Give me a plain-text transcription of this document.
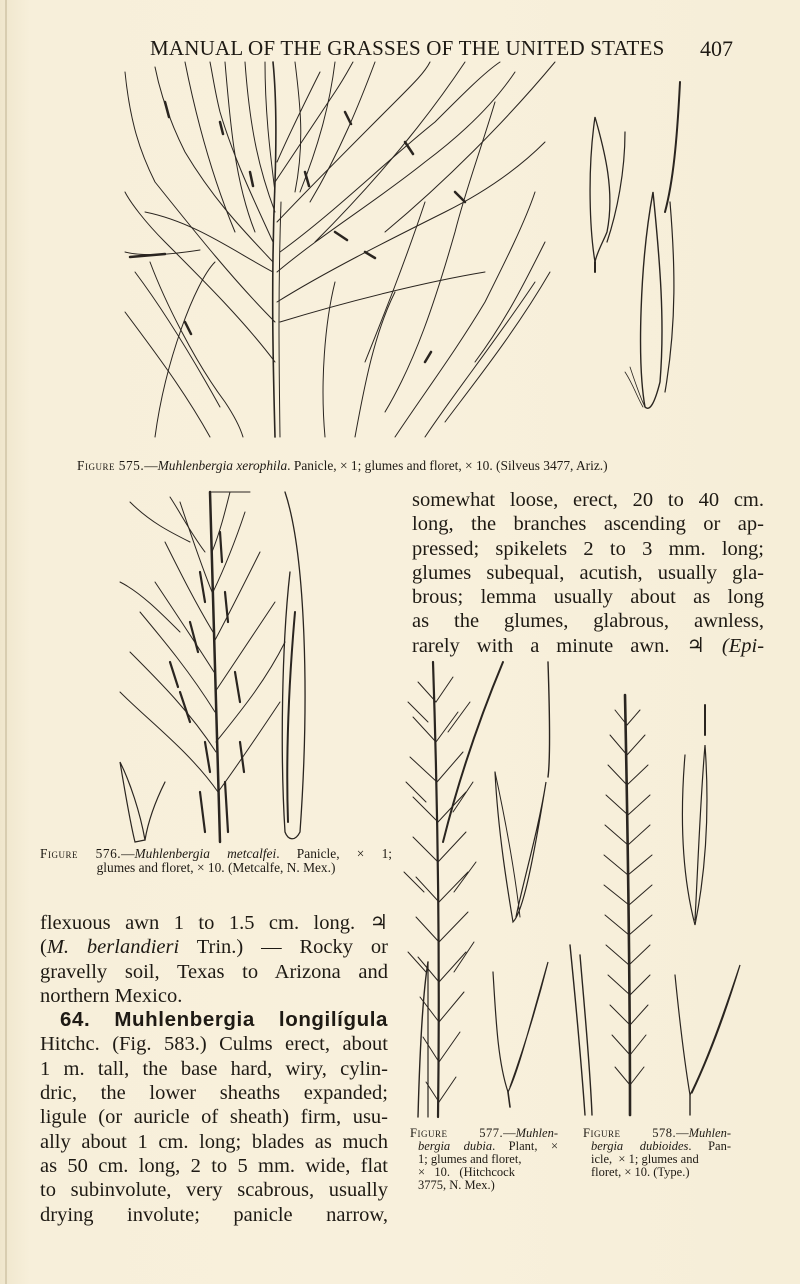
MANUAL OF THE GRASSES OF THE UNITED STATES 407
Figure 575.—Muhlenbergia xerophila. Panicle, × 1; glumes and floret, × 10. (Silveus 3477, Ariz.)
Figure 576.—Muhlenbergia metcalfei. Panicle, × 1;
glumes and floret, × 10. (Metcalfe, N. Mex.)
somewhat loose, erect, 20 to 40 cm.
long, the branches ascending or ap-
pressed; spikelets 2 to 3 mm. long;
glumes subequal, acutish, usually gla-
brous; lemma usually about as long
as the glumes, glabrous, awnless,
rarely with a minute awn. ♃ (Epi-
flexuous awn 1 to 1.5 cm. long. ♃
(M. berlandieri Trin.) — Rocky or
gravelly soil, Texas to Arizona and
northern Mexico.
64. Muhlenbergia longilígula
Hitchc. (Fig. 583.) Culms erect, about
1 m. tall, the base hard, wiry, cylin-
dric, the lower sheaths expanded;
ligule (or auricle of sheath) firm, usu-
ally about 1 cm. long; blades as much
as 50 cm. long, 2 to 5 mm. wide, flat
to subinvolute, very scabrous, usually
drying involute; panicle narrow,
Figure 577.—Muhlen-
bergia dubia. Plant, ×
1; glumes and floret,
×   10.   (Hitchcock
3775, N. Mex.)
Figure 578.—Muhlen-
bergia dubioides. Pan-
icle,  × 1; glumes and
floret, × 10. (Type.)
